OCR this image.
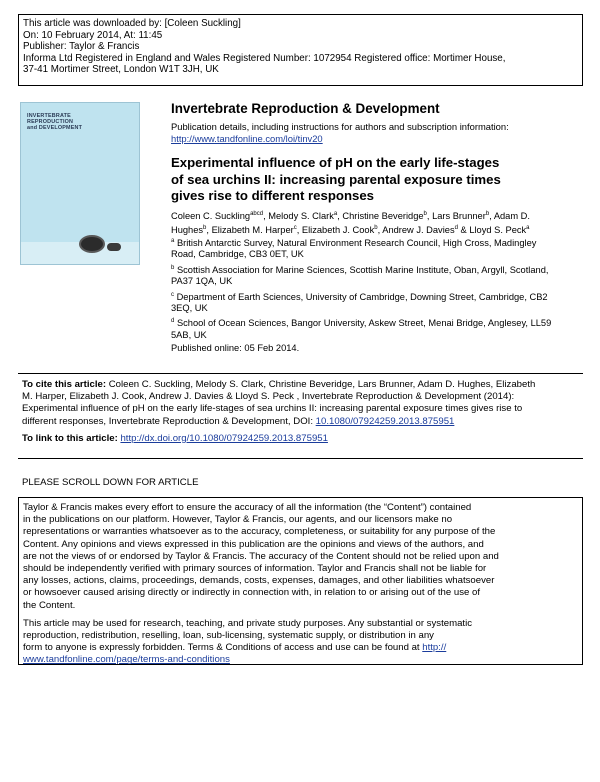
This article was downloaded by: [Coleen Suckling]
On: 10 February 2014, At: 11:45
Publisher: Taylor & Francis
Informa Ltd Registered in England and Wales Registered Number: 1072954 Registered office: Mortimer House,
37-41 Mortimer Street, London W1T 3JH, UK
INVERTEBRATE
REPRODUCTION
and DEVELOPMENT
Invertebrate Reproduction & Development
Publication details, including instructions for authors and subscription information:
http://www.tandfonline.com/loi/tinv20
Experimental influence of pH on the early life-stages
of sea urchins II: increasing parental exposure times
gives rise to different responses
Coleen C. Suckling$^{abcd}$, Melody S. Clark$^a$, Christine Beveridge$^b$, Lars Brunner$^b$, Adam D.
Hughes$^b$, Elizabeth M. Harper$^c$, Elizabeth J. Cook$^b$, Andrew J. Davies$^d$ & Lloyd S. Peck$^a$
$^a$ British Antarctic Survey, Natural Environment Research Council, High Cross, Madingley
Road, Cambridge, CB3 0ET, UK
$^b$ Scottish Association for Marine Sciences, Scottish Marine Institute, Oban, Argyll, Scotland,
PA37 1QA, UK
$^c$ Department of Earth Sciences, University of Cambridge, Downing Street, Cambridge, CB2
3EQ, UK
$^d$ School of Ocean Sciences, Bangor University, Askew Street, Menai Bridge, Anglesey, LL59
5AB, UK
Published online: 05 Feb 2014.
To cite this article: Coleen C. Suckling, Melody S. Clark, Christine Beveridge, Lars Brunner, Adam D. Hughes, Elizabeth
M. Harper, Elizabeth J. Cook, Andrew J. Davies & Lloyd S. Peck , Invertebrate Reproduction & Development (2014):
Experimental influence of pH on the early life-stages of sea urchins II: increasing parental exposure times gives rise to
different responses, Invertebrate Reproduction & Development, DOI: 10.1080/07924259.2013.875951
To link to this article: http://dx.doi.org/10.1080/07924259.2013.875951
PLEASE SCROLL DOWN FOR ARTICLE
Taylor & Francis makes every effort to ensure the accuracy of all the information (the “Content”) contained
in the publications on our platform. However, Taylor & Francis, our agents, and our licensors make no
representations or warranties whatsoever as to the accuracy, completeness, or suitability for any purpose of the
Content. Any opinions and views expressed in this publication are the opinions and views of the authors, and
are not the views of or endorsed by Taylor & Francis. The accuracy of the Content should not be relied upon and
should be independently verified with primary sources of information. Taylor and Francis shall not be liable for
any losses, actions, claims, proceedings, demands, costs, expenses, damages, and other liabilities whatsoever
or howsoever caused arising directly or indirectly in connection with, in relation to or arising out of the use of
the Content.
This article may be used for research, teaching, and private study purposes. Any substantial or systematic
reproduction, redistribution, reselling, loan, sub-licensing, systematic supply, or distribution in any
form to anyone is expressly forbidden. Terms & Conditions of access and use can be found at http://
www.tandfonline.com/page/terms-and-conditions
